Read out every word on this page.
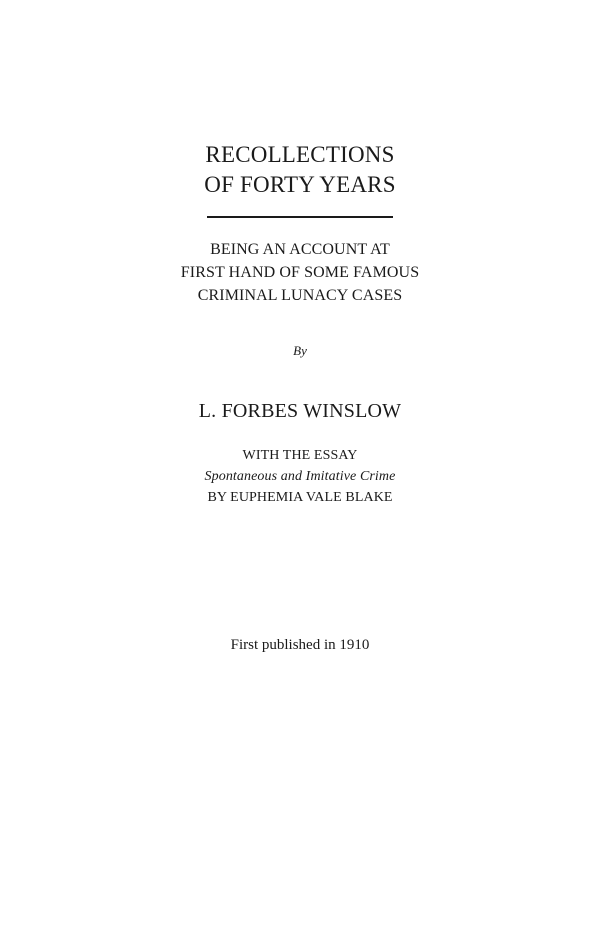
RECOLLECTIONS
OF FORTY YEARS
BEING AN ACCOUNT AT
FIRST HAND OF SOME FAMOUS
CRIMINAL LUNACY CASES
By
L. FORBES WINSLOW
WITH THE ESSAY
Spontaneous and Imitative Crime
BY EUPHEMIA VALE BLAKE
First published in 1910
